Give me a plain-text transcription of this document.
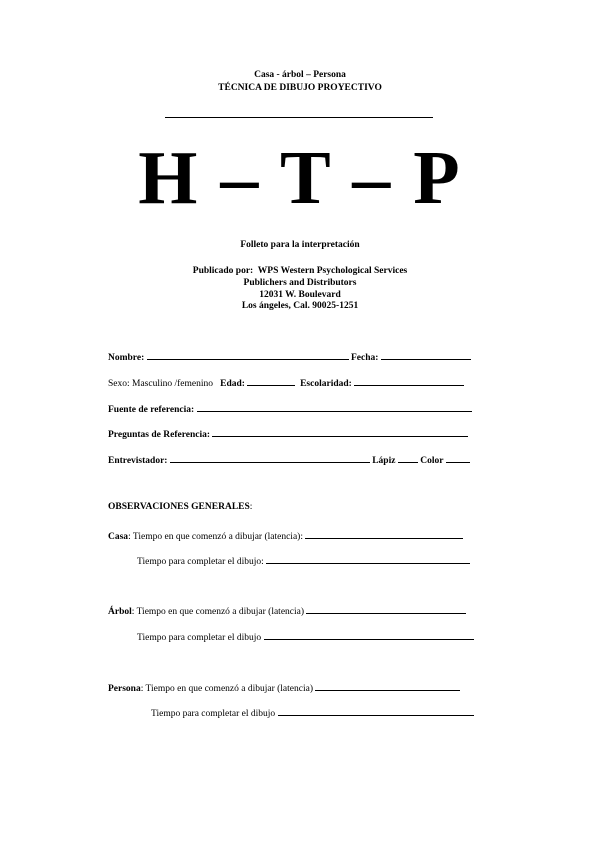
Casa - árbol – Persona
TÉCNICA DE DIBUJO PROYECTIVO
H – T – P
Folleto para la interpretación
Publicado por: WPS Western Psychological Services
Publichers and Distributors
12031 W. Boulevard
Los ángeles, Cal. 90025-1251
Nombre:	Fecha:
Sexo: Masculino /femenino Edad:	Escolaridad:
Fuente de referencia:
Preguntas de Referencia:
Entrevistador:	Lápiz	Color
OBSERVACIONES GENERALES:
Casa: Tiempo en que comenzó a dibujar (latencia):
Tiempo para completar el dibujo:
Árbol: Tiempo en que comenzó a dibujar (latencia)
Tiempo para completar el dibujo
Persona: Tiempo en que comenzó a dibujar (latencia)
Tiempo para completar el dibujo
